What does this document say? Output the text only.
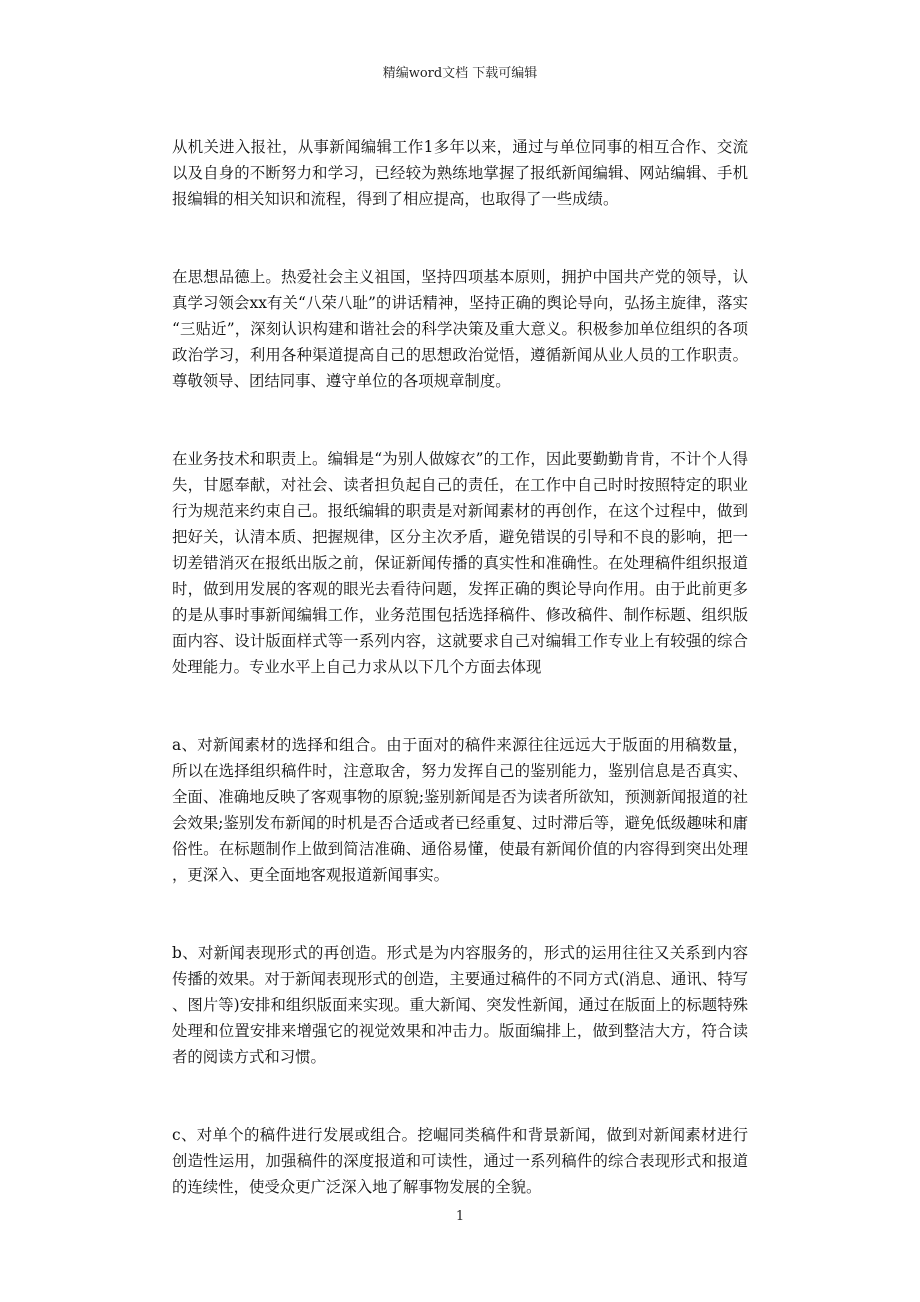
精编word文档 下载可编辑

从机关进入报社，从事新闻编辑工作1多年以来，通过与单位同事的相互合作、交流以及自身的不断努力和学习，已经较为熟练地掌握了报纸新闻编辑、网站编辑、手机报编辑的相关知识和流程，得到了相应提高，也取得了一些成绩。

在思想品德上。热爱社会主义祖国，坚持四项基本原则，拥护中国共产党的领导，认真学习领会xx有关“八荣八耻”的讲话精神，坚持正确的舆论导向，弘扬主旋律，落实“三贴近”，深刻认识构建和谐社会的科学决策及重大意义。积极参加单位组织的各项政治学习，利用各种渠道提高自己的思想政治觉悟，遵循新闻从业人员的工作职责。尊敬领导、团结同事、遵守单位的各项规章制度。

在业务技术和职责上。编辑是“为别人做嫁衣”的工作，因此要勤勤肯肯，不计个人得失，甘愿奉献，对社会、读者担负起自己的责任，在工作中自己时时按照特定的职业行为规范来约束自己。报纸编辑的职责是对新闻素材的再创作，在这个过程中，做到把好关，认清本质、把握规律，区分主次矛盾，避免错误的引导和不良的影响，把一切差错消灭在报纸出版之前，保证新闻传播的真实性和准确性。在处理稿件组织报道时，做到用发展的客观的眼光去看待问题，发挥正确的舆论导向作用。由于此前更多的是从事时事新闻编辑工作，业务范围包括选择稿件、修改稿件、制作标题、组织版面内容、设计版面样式等一系列内容，这就要求自己对编辑工作专业上有较强的综合处理能力。专业水平上自己力求从以下几个方面去体现

a、对新闻素材的选择和组合。由于面对的稿件来源往往远远大于版面的用稿数量，所以在选择组织稿件时，注意取舍，努力发挥自己的鉴别能力，鉴别信息是否真实、全面、准确地反映了客观事物的原貌;鉴别新闻是否为读者所欲知，预测新闻报道的社会效果;鉴别发布新闻的时机是否合适或者已经重复、过时滞后等，避免低级趣味和庸俗性。在标题制作上做到简洁准确、通俗易懂，使最有新闻价值的内容得到突出处理，更深入、更全面地客观报道新闻事实。

b、对新闻表现形式的再创造。形式是为内容服务的，形式的运用往往又关系到内容传播的效果。对于新闻表现形式的创造，主要通过稿件的不同方式(消息、通讯、特写、图片等)安排和组织版面来实现。重大新闻、突发性新闻，通过在版面上的标题特殊处理和位置安排来增强它的视觉效果和冲击力。版面编排上，做到整洁大方，符合读者的阅读方式和习惯。

c、对单个的稿件进行发展或组合。挖崛同类稿件和背景新闻，做到对新闻素材进行创造性运用，加强稿件的深度报道和可读性，通过一系列稿件的综合表现形式和报道的连续性，使受众更广泛深入地了解事物发展的全貌。

1
